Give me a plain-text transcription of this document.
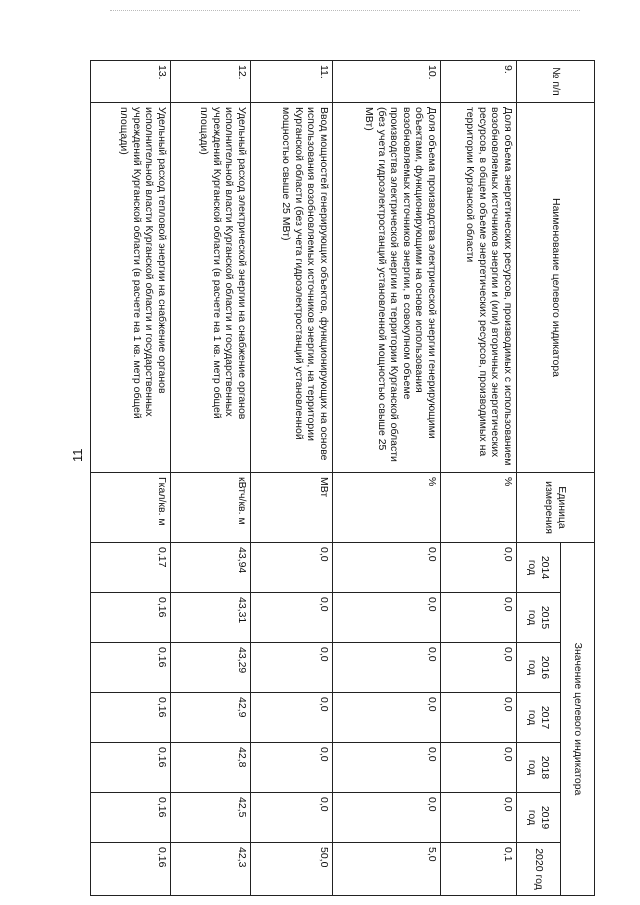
11
№ п/п	Наименование целевого индикатора	Единица измерения	Значение целевого индикатора						
			2014 год	2015 год	2016 год	2017 год	2018 год	2019 год	2020 год
9.	Доля объема энергетических ресурсов, производимых с использованием возобновляемых источников энергии и (или) вторичных энергетических ресурсов, в общем объеме энергетических ресурсов, производимых на территории Курганской области	%	0,0	0,0	0,0	0,0	0,0	0,0	0,1
10.	Доля объема производства электрической энергии генерирующими объектами, функционирующими на основе использования возобновляемых источников энергии, в совокупном объеме производства электрической энергии на территории Курганской области (без учета гидроэлектростанций установленной мощностью свыше 25 МВт)	%	0,0	0,0	0,0	0,0	0,0	0,0	5,0
11.	Ввод мощностей генерирующих объектов, функционирующих на основе использования возобновляемых источников энергии, на территории Курганской области (без учета гидроэлектростанций установленной мощностью свыше 25 МВт)	МВт	0,0	0,0	0,0	0,0	0,0	0,0	50,0
12.	Удельный расход электрической энергии на снабжение органов исполнительной власти Курганской области и государственных учреждений Курганской области (в расчете на 1 кв. метр общей площади)	кВтч/кв. м	43,94	43,31	43,29	42,9	42,8	42,5	42,3
13.	Удельный расход тепловой энергии на снабжение органов исполнительной власти Курганской области и государственных учреждений Курганской области (в расчете на 1 кв. метр общей площади)	Гкал/кв. м	0,17	0,16	0,16	0,16	0,16	0,16	0,16
